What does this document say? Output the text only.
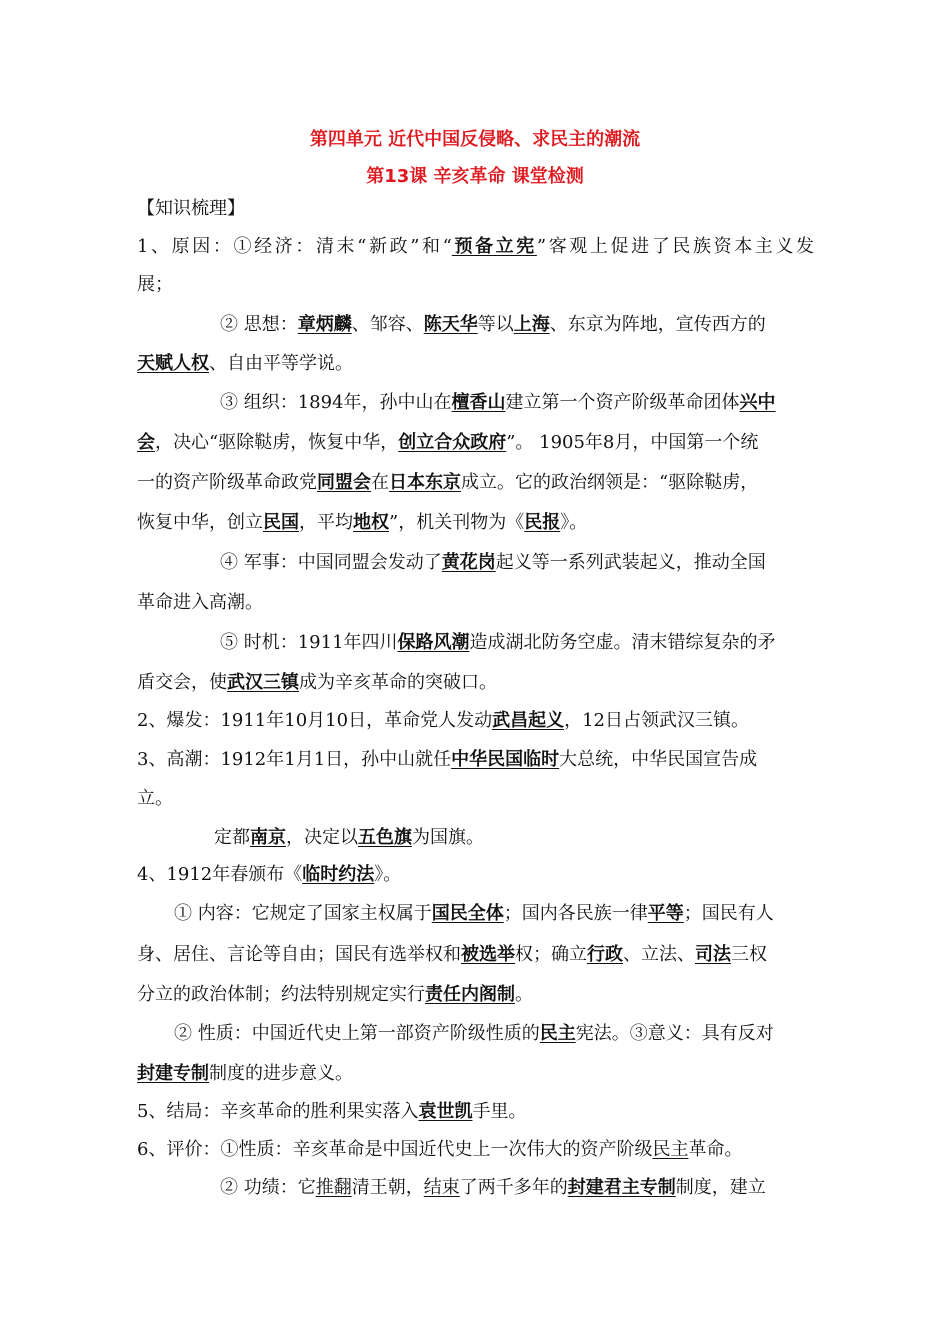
第四单元 近代中国反侵略、求民主的潮流
第13课 辛亥革命 课堂检测
【知识梳理】
1、原因：①经济：清末“新政”和“预备立宪”客观上促进了民族资本主义发
展；
② 思想：章炳麟、邹容、陈天华等以上海、东京为阵地，宣传西方的
天赋人权、自由平等学说。
③ 组织：1894年，孙中山在檀香山建立第一个资产阶级革命团体兴中
会，决心“驱除鞑虏，恢复中华，创立合众政府”。 1905年8月，中国第一个统
一的资产阶级革命政党同盟会在日本东京成立。它的政治纲领是：“驱除鞑虏，
恢复中华，创立民国，平均地权”，机关刊物为《民报》。
④ 军事：中国同盟会发动了黄花岗起义等一系列武装起义，推动全国
革命进入高潮。
⑤ 时机：1911年四川保路风潮造成湖北防务空虚。清末错综复杂的矛
盾交会，使武汉三镇成为辛亥革命的突破口。
2、爆发：1911年10月10日，革命党人发动武昌起义，12日占领武汉三镇。
3、高潮：1912年1月1日，孙中山就任中华民国临时大总统，中华民国宣告成
立。
定都南京，决定以五色旗为国旗。
4、1912年春颁布《临时约法》。
① 内容：它规定了国家主权属于国民全体；国内各民族一律平等；国民有人
身、居住、言论等自由；国民有选举权和被选举权；确立行政、立法、司法三权
分立的政治体制；约法特别规定实行责任内阁制。
② 性质：中国近代史上第一部资产阶级性质的民主宪法。③意义：具有反对
封建专制制度的进步意义。
5、结局：辛亥革命的胜利果实落入袁世凯手里。
6、评价：①性质：辛亥革命是中国近代史上一次伟大的资产阶级民主革命。
② 功绩：它推翻清王朝，结束了两千多年的封建君主专制制度，建立
